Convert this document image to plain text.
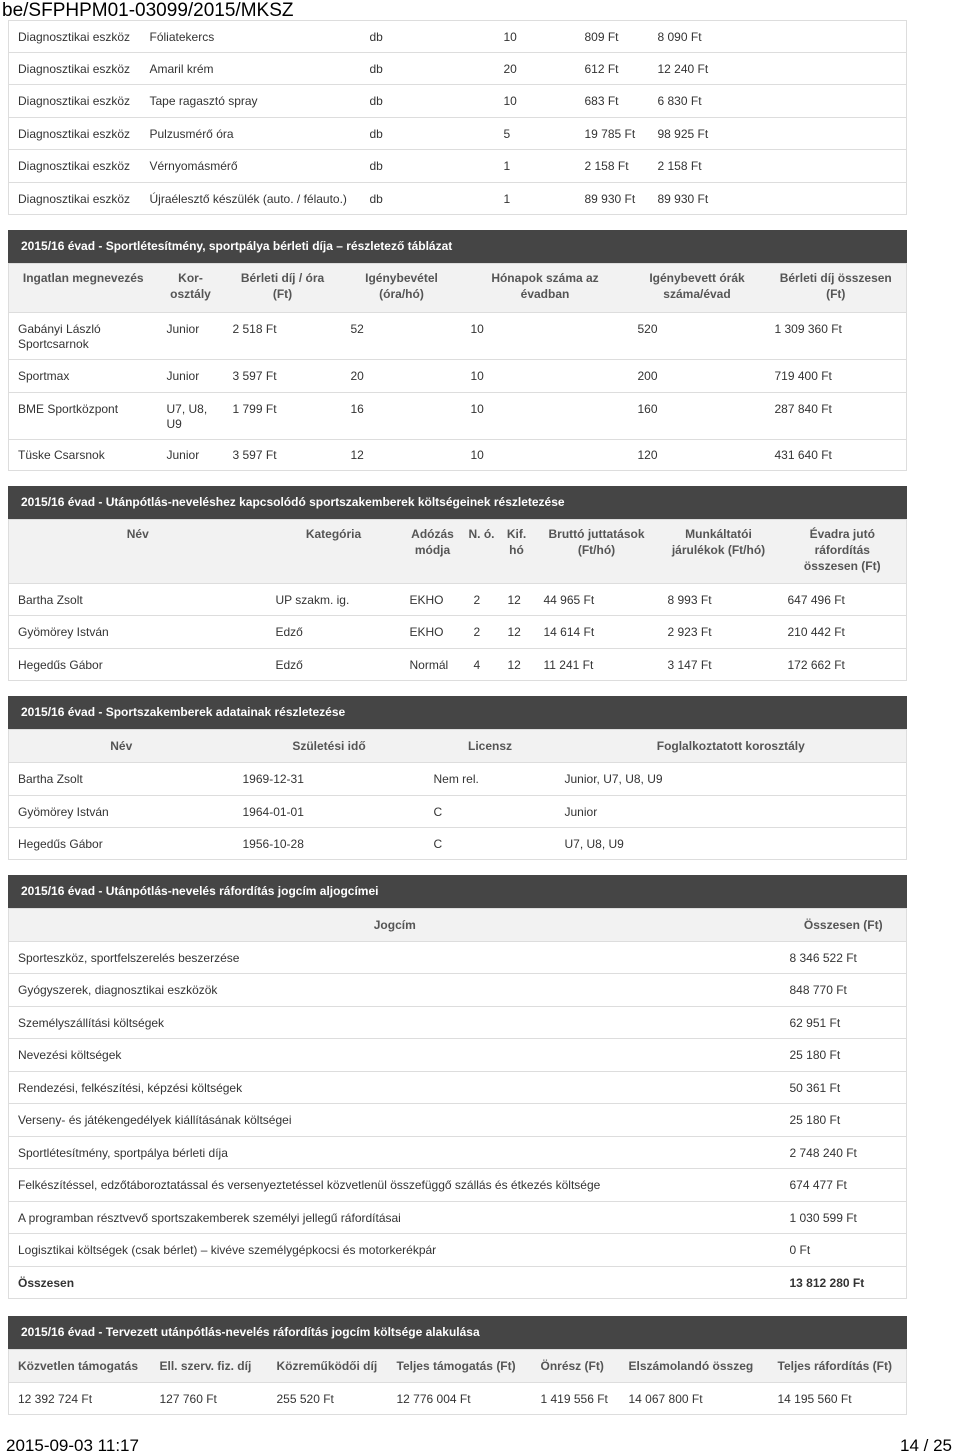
be/SFPHPM01-03099/2015/MKSZ
Diagnosztikai eszköz	Fóliatekercs	db	10	809 Ft	8 090 Ft
Diagnosztikai eszköz	Amaril krém	db	20	612 Ft	12 240 Ft
Diagnosztikai eszköz	Tape ragasztó spray	db	10	683 Ft	6 830 Ft
Diagnosztikai eszköz	Pulzusmérő óra	db	5	19 785 Ft	98 925 Ft
Diagnosztikai eszköz	Vérnyomásmérő	db	1	2 158 Ft	2 158 Ft
Diagnosztikai eszköz	Újraélesztő készülék (auto. / félauto.)	db	1	89 930 Ft	89 930 Ft
2015/16 évad - Sportlétesítmény, sportpálya bérleti díja – részletező táblázat
Ingatlan megnevezés	Kor- osztály	Bérleti díj / óra (Ft)	Igénybevétel (óra/hó)	Hónapok száma az évadban	Igénybevett órák száma/évad	Bérleti díj összesen (Ft)
Gabányi László Sportcsarnok	Junior	2 518 Ft	52	10	520	1 309 360 Ft
Sportmax	Junior	3 597 Ft	20	10	200	719 400 Ft
BME Sportközpont	U7, U8, U9	1 799 Ft	16	10	160	287 840 Ft
Tüske Csarsnok	Junior	3 597 Ft	12	10	120	431 640 Ft
2015/16 évad - Utánpótlás-neveléshez kapcsolódó sportszakemberek költségeinek részletezése
Név	Kategória	Adózás módja	N. ó.	Kif. hó	Bruttó juttatások (Ft/hó)	Munkáltatói járulékok (Ft/hó)	Évadra jutó ráfordítás összesen (Ft)
Bartha Zsolt	UP szakm. ig.	EKHO	2	12	44 965 Ft	8 993 Ft	647 496 Ft
Gyömörey István	Edző	EKHO	2	12	14 614 Ft	2 923 Ft	210 442 Ft
Hegedűs Gábor	Edző	Normál	4	12	11 241 Ft	3 147 Ft	172 662 Ft
2015/16 évad - Sportszakemberek adatainak részletezése
Név	Születési idő	Licensz	Foglalkoztatott korosztály
Bartha Zsolt	1969-12-31	Nem rel.	Junior, U7, U8, U9
Gyömörey István	1964-01-01	C	Junior
Hegedűs Gábor	1956-10-28	C	U7, U8, U9
2015/16 évad - Utánpótlás-nevelés ráfordítás jogcím aljogcímei
Jogcím	Összesen (Ft)
Sporteszköz, sportfelszerelés beszerzése	8 346 522 Ft
Gyógyszerek, diagnosztikai eszközök	848 770 Ft
Személyszállítási költségek	62 951 Ft
Nevezési költségek	25 180 Ft
Rendezési, felkészítési, képzési költségek	50 361 Ft
Verseny- és játékengedélyek kiállításának költségei	25 180 Ft
Sportlétesítmény, sportpálya bérleti díja	2 748 240 Ft
Felkészítéssel, edzőtáboroztatással és versenyeztetéssel közvetlenül összefüggő szállás és étkezés költsége	674 477 Ft
A programban résztvevő sportszakemberek személyi jellegű ráfordításai	1 030 599 Ft
Logisztikai költségek (csak bérlet) – kivéve személygépkocsi és motorkerékpár	0 Ft
Összesen	13 812 280 Ft
2015/16 évad - Tervezett utánpótlás-nevelés ráfordítás jogcím költsége alakulása
Közvetlen támogatás	Ell. szerv. fiz. díj	Közreműködői díj	Teljes támogatás (Ft)	Önrész (Ft)	Elszámolandó összeg	Teljes ráfordítás (Ft)
12 392 724 Ft	127 760 Ft	255 520 Ft	12 776 004 Ft	1 419 556 Ft	14 067 800 Ft	14 195 560 Ft
2015-09-03 11:17	14 / 25
